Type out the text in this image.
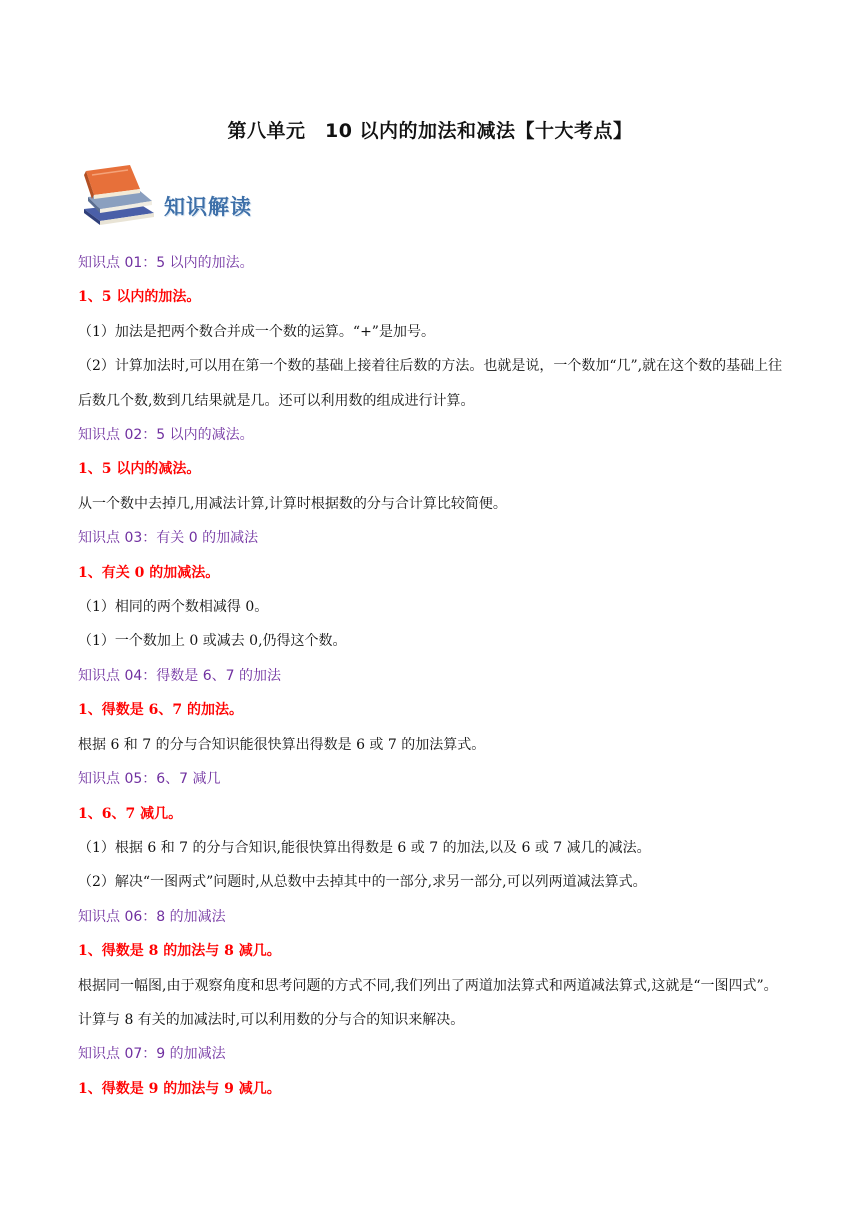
第八单元　10 以内的加法和减法【十大考点】
知识解读
知识点 01：5 以内的加法。
1、5 以内的加法。
（1）加法是把两个数合并成一个数的运算。“+”是加号。
（2）计算加法时,可以用在第一个数的基础上接着往后数的方法。也就是说，一个数加“几”,就在这个数的基础上往后数几个数,数到几结果就是几。还可以利用数的组成进行计算。
知识点 02：5 以内的减法。
1、5 以内的减法。
从一个数中去掉几,用减法计算,计算时根据数的分与合计算比较简便。
知识点 03：有关 0 的加减法
1、有关 0 的加减法。
（1）相同的两个数相减得 0。
（1）一个数加上 0 或减去 0,仍得这个数。
知识点 04：得数是 6、7 的加法
1、得数是 6、7 的加法。
根据 6 和 7 的分与合知识能很快算出得数是 6 或 7 的加法算式。
知识点 05：6、7 减几
1、6、7 减几。
（1）根据 6 和 7 的分与合知识,能很快算出得数是 6 或 7 的加法,以及 6 或 7 减几的减法。
（2）解决“一图两式”问题时,从总数中去掉其中的一部分,求另一部分,可以列两道减法算式。
知识点 06：8 的加减法
1、得数是 8 的加法与 8 减几。
根据同一幅图,由于观察角度和思考问题的方式不同,我们列出了两道加法算式和两道减法算式,这就是“一图四式”。计算与 8 有关的加减法时,可以利用数的分与合的知识来解决。
知识点 07：9 的加减法
1、得数是 9 的加法与 9 减几。
